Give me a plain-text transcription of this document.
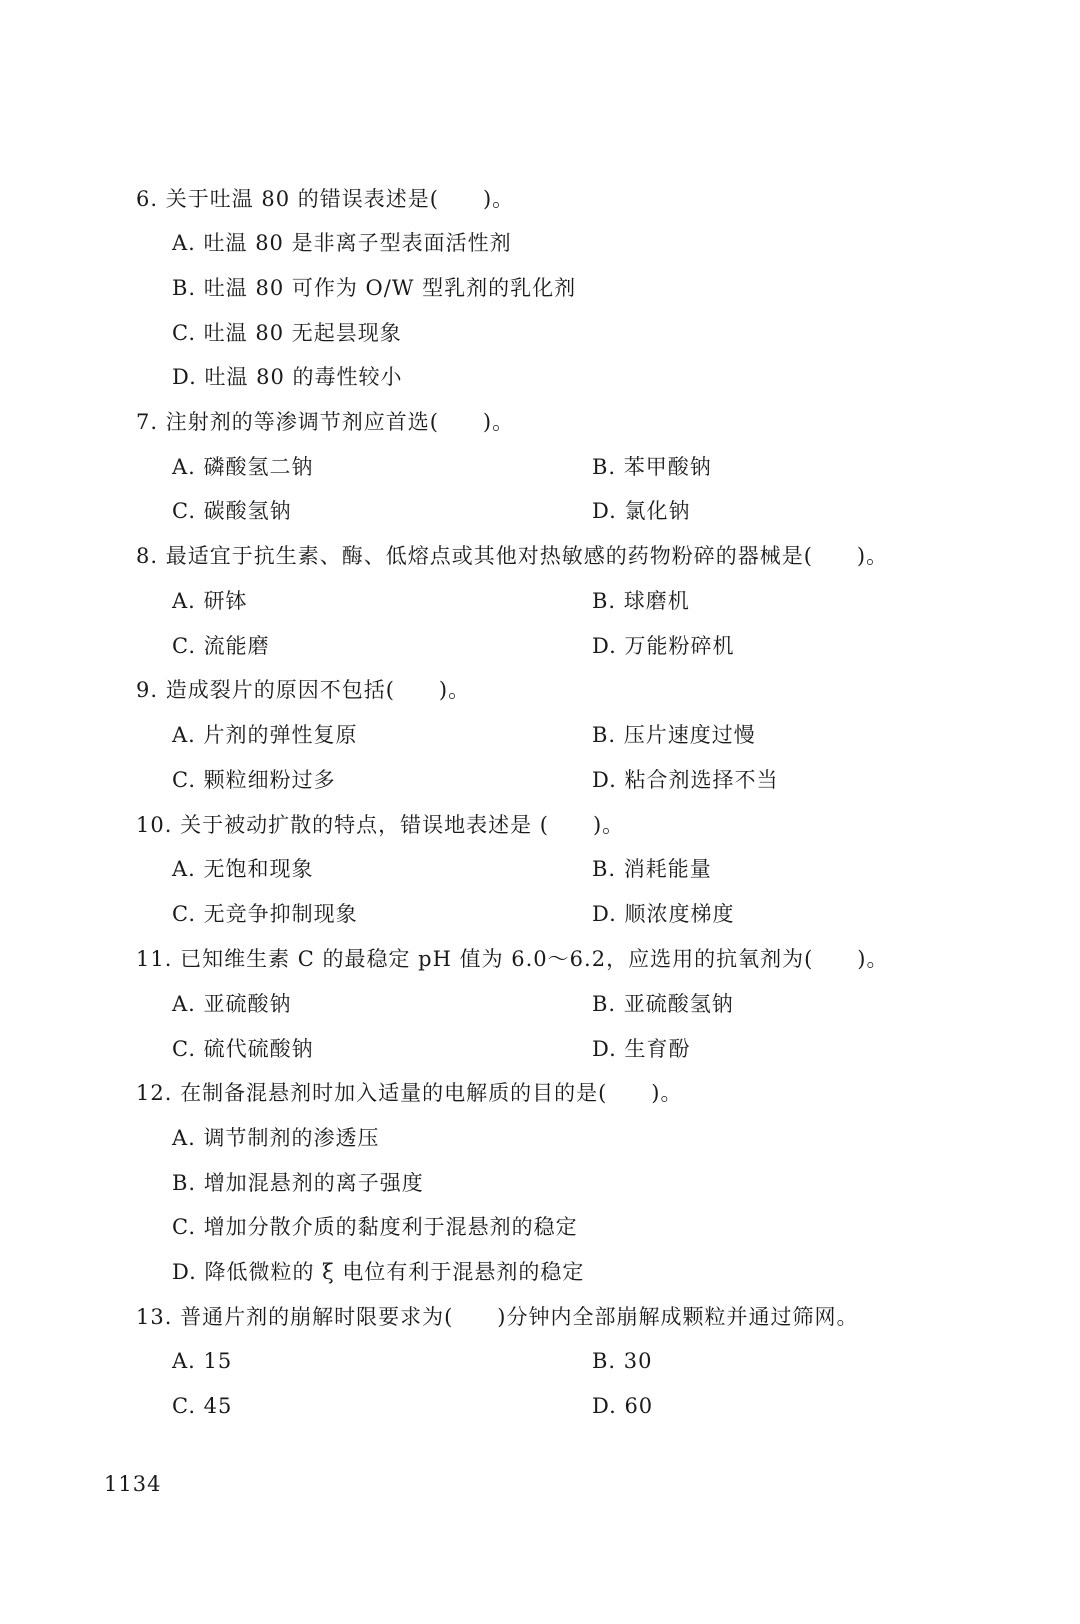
6. 关于吐温 80 的错误表述是(　　)。
A. 吐温 80 是非离子型表面活性剂
B. 吐温 80 可作为 O/W 型乳剂的乳化剂
C. 吐温 80 无起昙现象
D. 吐温 80 的毒性较小
7. 注射剂的等渗调节剂应首选(　　)。
A. 磷酸氢二钠	B. 苯甲酸钠
C. 碳酸氢钠	D. 氯化钠
8. 最适宜于抗生素、酶、低熔点或其他对热敏感的药物粉碎的器械是(　　)。
A. 研钵	B. 球磨机
C. 流能磨	D. 万能粉碎机
9. 造成裂片的原因不包括(　　)。
A. 片剂的弹性复原	B. 压片速度过慢
C. 颗粒细粉过多	D. 粘合剂选择不当
10. 关于被动扩散的特点，错误地表述是 (　　)。
A. 无饱和现象	B. 消耗能量
C. 无竞争抑制现象	D. 顺浓度梯度
11. 已知维生素 C 的最稳定 pH 值为 6.0～6.2，应选用的抗氧剂为(　　)。
A. 亚硫酸钠	B. 亚硫酸氢钠
C. 硫代硫酸钠	D. 生育酚
12. 在制备混悬剂时加入适量的电解质的目的是(　　)。
A. 调节制剂的渗透压
B. 增加混悬剂的离子强度
C. 增加分散介质的黏度利于混悬剂的稳定
D. 降低微粒的 ξ 电位有利于混悬剂的稳定
13. 普通片剂的崩解时限要求为(　　)分钟内全部崩解成颗粒并通过筛网。
A. 15	B. 30
C. 45	D. 60
1134
